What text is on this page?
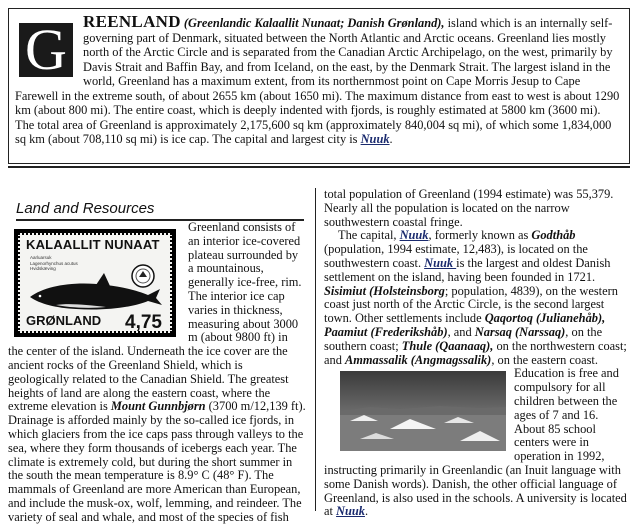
G REENLAND (Greenlandic Kalaallit Nunaat; Danish Grønland), island which is an internally self-governing part of Denmark, situated between the North Atlantic and Arctic oceans. Greenland lies mostly north of the Arctic Circle and is separated from the Canadian Arctic Archipelago, on the west, primarily by Davis Strait and Baffin Bay, and from Iceland, on the east, by the Denmark Strait. The largest island in the world, Greenland has a maximum extent, from its northernmost point on Cape Morris Jesup to Cape Farewell in the extreme south, of about 2655 km (about 1650 mi). The maximum distance from east to west is about 1290 km (about 800 mi). The entire coast, which is deeply indented with fjords, is roughly estimated at 5800 km (3600 mi). The total area of Greenland is approximately 2,175,600 sq km (approximately 840,004 sq mi), of which some 1,834,000 sq km (about 708,110 sq mi) is ice cap. The capital and largest city is Nuuk.
Land and Resources
KALAALLIT NUNAAT
Aarluarsuk
Lagenorhynchus acutus
Hvidskæving
GRØNLAND 4,75

Greenland consists of an interior ice-covered plateau surrounded by a mountainous, generally ice-free, rim. The interior ice cap varies in thickness, measuring about 3000 m (about 9800 ft) in the center of the island. Underneath the ice cover are the ancient rocks of the Greenland Shield, which is geologically related to the Canadian Shield. The greatest heights of land are along the eastern coast, where the extreme elevation is Mount Gunnbjørn (3700 m/12,139 ft). Drainage is afforded mainly by the so-called ice fjords, in which glaciers from the ice caps pass through valleys to the sea, where they form thousands of icebergs each year. The climate is extremely cold, but during the short summer in the south the mean temperature is 8.9° C (48° F). The mammals of Greenland are more American than European, and include the musk-ox, wolf, lemming, and reindeer. The variety of seal and whale, and most of the species of fish

total population of Greenland (1994 estimate) was 55,379. Nearly all the population is located on the narrow southwestern coastal fringe.

The capital, Nuuk, formerly known as Godthåb (population, 1994 estimate, 12,483), is located on the southwestern coast. Nuuk is the largest and oldest Danish settlement on the island, having been founded in 1721. Sisimiut (Holsteinsborg; population, 4839), on the western coast just north of the Arctic Circle, is the second largest town. Other settlements include Qaqortoq (Julianehåb), Paamiut (Frederikshåb), and Narsaq (Narssaq), on the southern coast; Thule (Qaanaaq), on the northwestern coast; and Ammassalik (Angmagssalik), on the eastern coast.

Education is free and compulsory for all children between the ages of 7 and 16. About 85 school centers were in operation in 1992, instructing primarily in Greenlandic (an Inuit language with some Danish words). Danish, the other official language of Greenland, is also used in the schools. A university is located at Nuuk.
